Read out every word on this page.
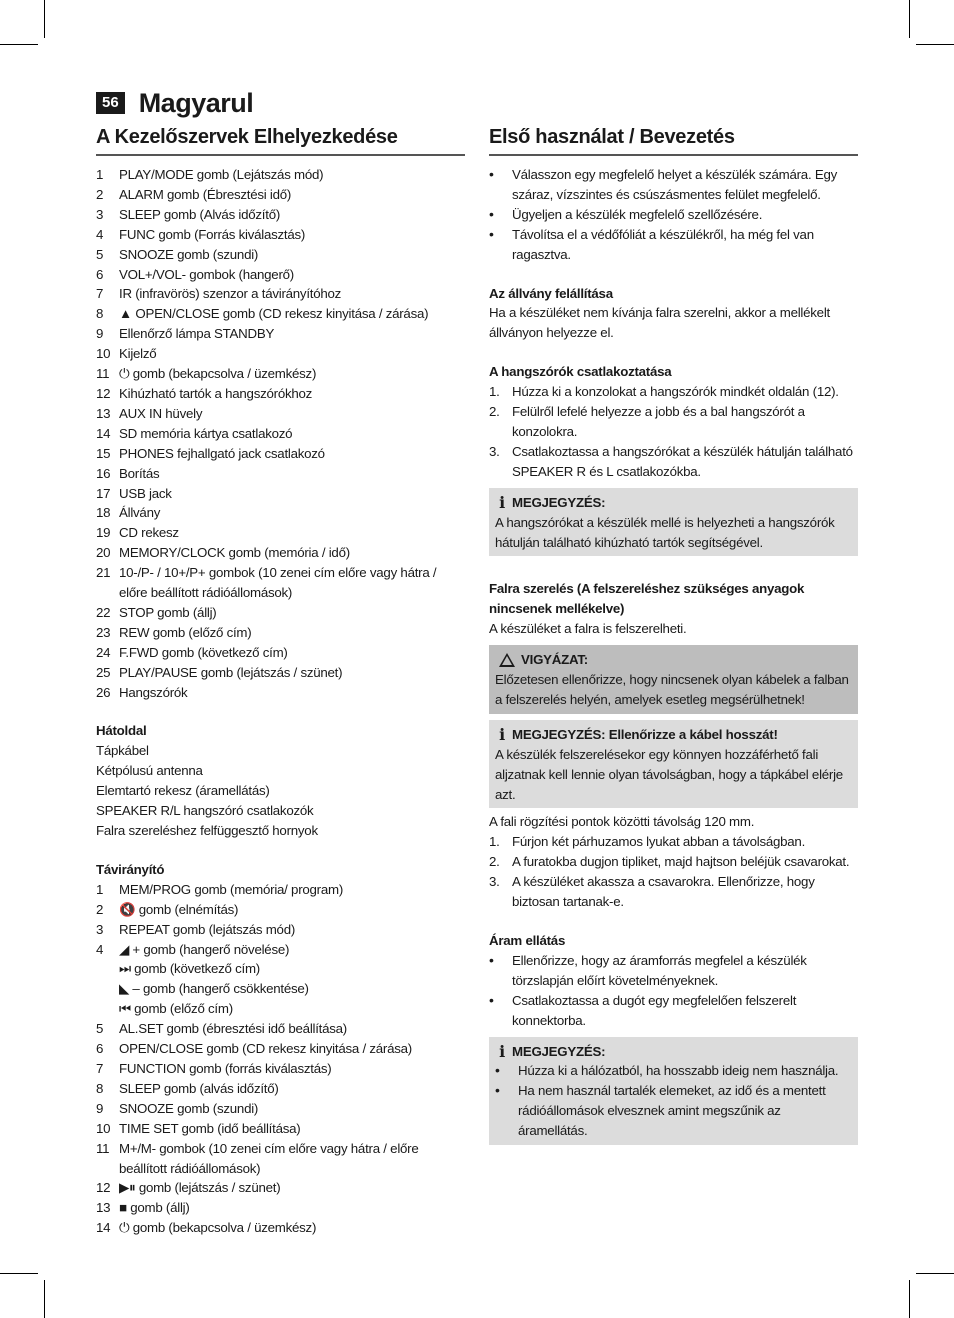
56 Magyarul
A Kezelőszervek Elhelyezkedése
1	PLAY/MODE gomb (Lejátszás mód)
2	ALARM gomb (Ébresztési idő)
3	SLEEP gomb (Alvás időzítő)
4	FUNC gomb (Forrás kiválasztás)
5	SNOOZE gomb (szundi)
6	VOL+/VOL- gombok (hangerő)
7	IR (infravörös) szenzor a távirányítóhoz
8	▲ OPEN/CLOSE gomb (CD rekesz kinyitása / zárása)
9	Ellenőrző lámpa STANDBY
10 Kijelző
11 ⏻ gomb (bekapcsolva / üzemkész)
12 Kihúzható tartók a hangszórókhoz
13 AUX IN hüvely
14 SD memória kártya csatlakozó
15 PHONES fejhallgató jack csatlakozó
16 Borítás
17 USB jack
18 Állvány
19 CD rekesz
20 MEMORY/CLOCK gomb (memória / idő)
21 10-/P- / 10+/P+ gombok (10 zenei cím előre vagy hátra / előre beállított rádióállomások)
22 STOP gomb (állj)
23 REW gomb (előző cím)
24 F.FWD gomb (következő cím)
25 PLAY/PAUSE gomb (lejátszás / szünet)
26 Hangszórók
Hátoldal
Tápkábel
Kétpólusú antenna
Elemtartó rekesz (áramellátás)
SPEAKER R/L hangszóró csatlakozók
Falra szereléshez felfüggesztő hornyok
Távirányító
1	MEM/PROG gomb (memória/ program)
2	🔇 gomb (elnémítás)
3	REPEAT gomb (lejátszás mód)
4	◢ + gomb (hangerő növelése)
⏭ gomb (következő cím)
◣ – gomb (hangerő csökkentése)
⏮ gomb (előző cím)
5	AL.SET gomb (ébresztési idő beállítása)
6	OPEN/CLOSE gomb (CD rekesz kinyitása / zárása)
7	FUNCTION gomb (forrás kiválasztás)
8	SLEEP gomb (alvás időzítő)
9	SNOOZE gomb (szundi)
10 TIME SET gomb (idő beállítása)
11 M+/M- gombok (10 zenei cím előre vagy hátra / előre beállított rádióállomások)
12 ▶⏸ gomb (lejátszás / szünet)
13 ■ gomb (állj)
14 ⏻ gomb (bekapcsolva / üzemkész)
Első használat / Bevezetés
•	Válasszon egy megfelelő helyet a készülék számára. Egy száraz, vízszintes és csúszásmentes felület megfelelő.
•	Ügyeljen a készülék megfelelő szellőzésére.
•	Távolítsa el a védőfóliát a készülékről, ha még fel van ragasztva.
Az állvány felállítása
Ha a készüléket nem kívánja falra szerelni, akkor a mellékelt állványon helyezze el.
A hangszórók csatlakoztatása
1. Húzza ki a konzolokat a hangszórók mindkét oldalán (12).
2. Felülről lefelé helyezze a jobb és a bal hangszórót a konzolokra.
3. Csatlakoztassa a hangszórókat a készülék hátulján található SPEAKER R és L csatlakozókba.
i MEGJEGYZÉS:
A hangszórókat a készülék mellé is helyezheti a hangszórók hátulján található kihúzható tartók segítségével.
Falra szerelés (A felszereléshez szükséges anyagok nincsenek mellékelve)
A készüléket a falra is felszerelheti.
VIGYÁZAT:
Előzetesen ellenőrizze, hogy nincsenek olyan kábelek a falban a felszerelés helyén, amelyek esetleg megsérülhetnek!
i MEGJEGYZÉS: Ellenőrizze a kábel hosszát!
A készülék felszerelésekor egy könnyen hozzáférhető fali aljzatnak kell lennie olyan távolságban, hogy a tápkábel elérje azt.
A fali rögzítési pontok közötti távolság 120 mm.
1. Fúrjon két párhuzamos lyukat abban a távolságban.
2. A furatokba dugjon tipliket, majd hajtson beléjük csavarokat.
3. A készüléket akassza a csavarokra. Ellenőrizze, hogy biztosan tartanak-e.
Áram ellátás
•	Ellenőrizze, hogy az áramforrás megfelel a készülék törzslapján előírt követelményeknek.
•	Csatlakoztassa a dugót egy megfelelően felszerelt konnektorba.
i MEGJEGYZÉS:
•	Húzza ki a hálózatból, ha hosszabb ideig nem használja.
•	Ha nem használ tartalék elemeket, az idő és a mentett rádióállomások elvesznek amint megszűnik az áramellátás.
